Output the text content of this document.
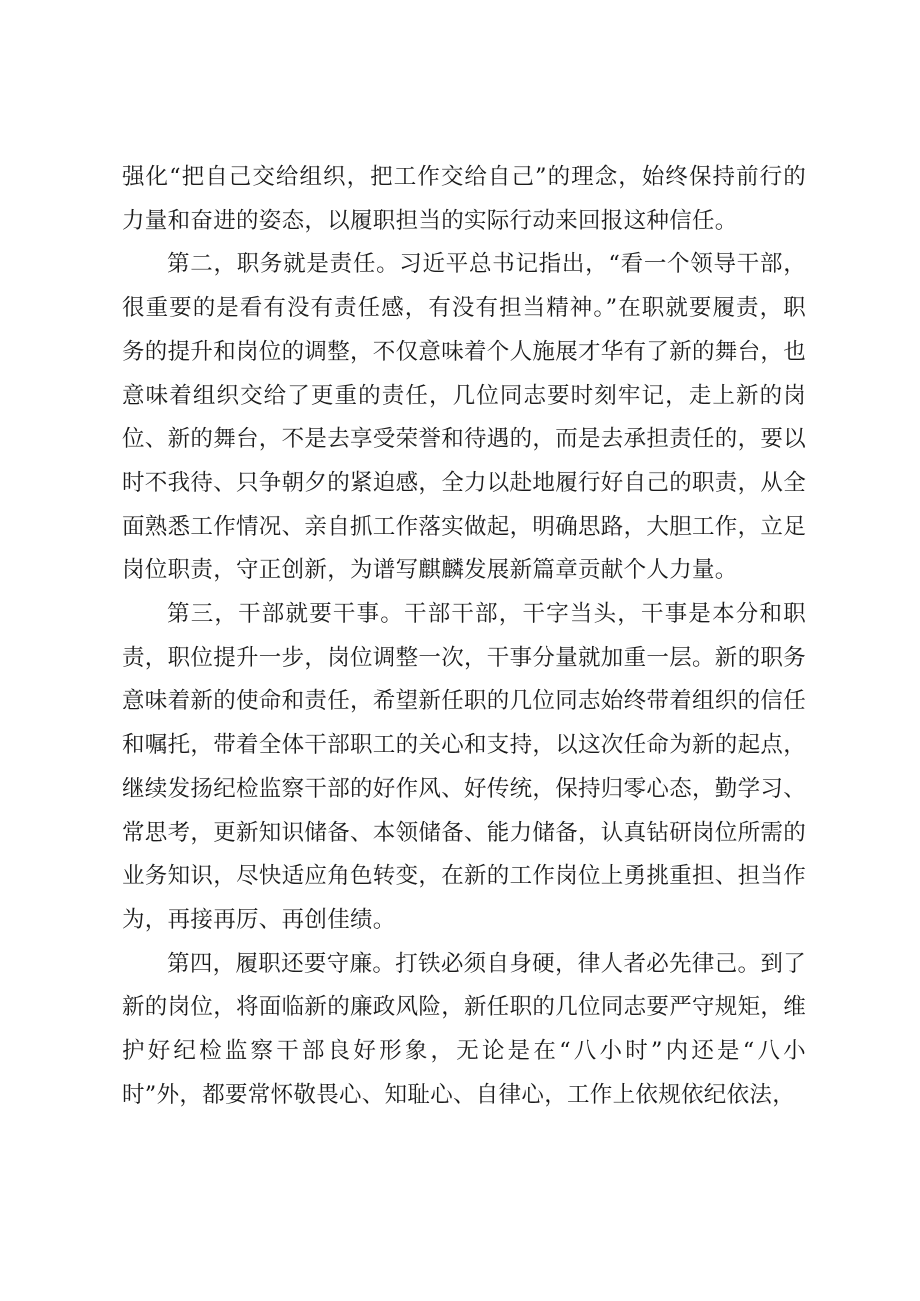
强化“把自己交给组织，把工作交给自己”的理念，始终保持前行的力量和奋进的姿态，以履职担当的实际行动来回报这种信任。

第二，职务就是责任。习近平总书记指出，“看一个领导干部，很重要的是看有没有责任感，有没有担当精神。”在职就要履责，职务的提升和岗位的调整，不仅意味着个人施展才华有了新的舞台，也意味着组织交给了更重的责任，几位同志要时刻牢记，走上新的岗位、新的舞台，不是去享受荣誉和待遇的，而是去承担责任的，要以时不我待、只争朝夕的紧迫感，全力以赴地履行好自己的职责，从全面熟悉工作情况、亲自抓工作落实做起，明确思路，大胆工作，立足岗位职责，守正创新，为谱写麒麟发展新篇章贡献个人力量。

第三，干部就要干事。干部干部，干字当头，干事是本分和职责，职位提升一步，岗位调整一次，干事分量就加重一层。新的职务意味着新的使命和责任，希望新任职的几位同志始终带着组织的信任和嘱托，带着全体干部职工的关心和支持，以这次任命为新的起点，继续发扬纪检监察干部的好作风、好传统，保持归零心态，勤学习、常思考，更新知识储备、本领储备、能力储备，认真钻研岗位所需的业务知识，尽快适应角色转变，在新的工作岗位上勇挑重担、担当作为，再接再厉、再创佳绩。

第四，履职还要守廉。打铁必须自身硬，律人者必先律己。到了新的岗位，将面临新的廉政风险，新任职的几位同志要严守规矩，维护好纪检监察干部良好形象，无论是在“八小时”内还是“八小时”外，都要常怀敬畏心、知耻心、自律心，工作上依规依纪依法，
